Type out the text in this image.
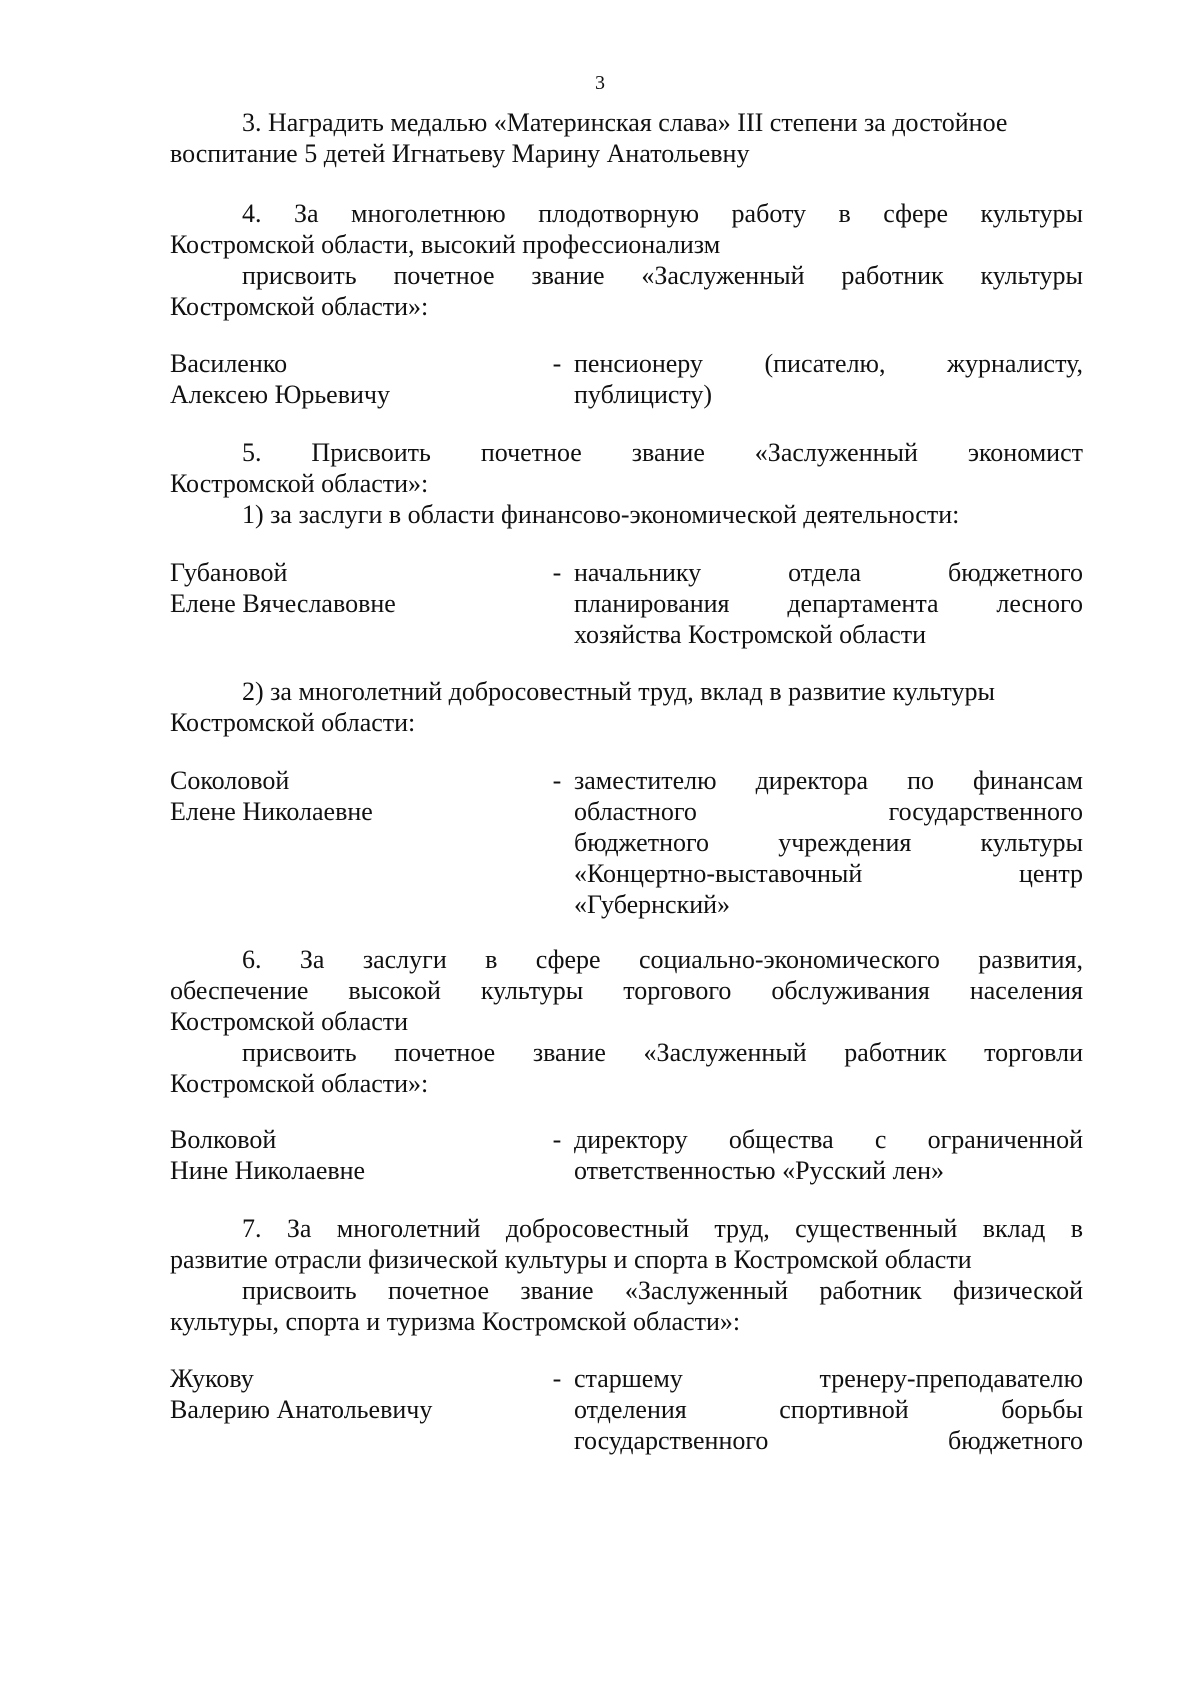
3
3. Наградить медалью «Материнская слава» III степени за достойное
воспитание 5 детей Игнатьеву Марину Анатольевну
4. За многолетнюю плодотворную работу в сфере культуры
Костромской области, высокий профессионализм
присвоить почетное звание «Заслуженный работник культуры
Костромской области»:
Василенко
Алексею Юрьевичу
- пенсионеру (писателю, журналисту,
публицисту)
5. Присвоить почетное звание «Заслуженный экономист
Костромской области»:
1) за заслуги в области финансово-экономической деятельности:
Губановой
Елене Вячеславовне
- начальнику отдела бюджетного
планирования департамента лесного
хозяйства Костромской области
2) за многолетний добросовестный труд, вклад в развитие культуры
Костромской области:
Соколовой
Елене Николаевне
- заместителю директора по финансам
областного государственного
бюджетного учреждения культуры
«Концертно-выставочный центр
«Губернский»
6. За заслуги в сфере социально-экономического развития,
обеспечение высокой культуры торгового обслуживания населения
Костромской области
присвоить почетное звание «Заслуженный работник торговли
Костромской области»:
Волковой
Нине Николаевне
- директору общества с ограниченной
ответственностью «Русский лен»
7. За многолетний добросовестный труд, существенный вклад в
развитие отрасли физической культуры и спорта в Костромской области
присвоить почетное звание «Заслуженный работник физической
культуры, спорта и туризма Костромской области»:
Жукову
Валерию Анатольевичу
- старшему тренеру-преподавателю
отделения спортивной борьбы
государственного бюджетного
